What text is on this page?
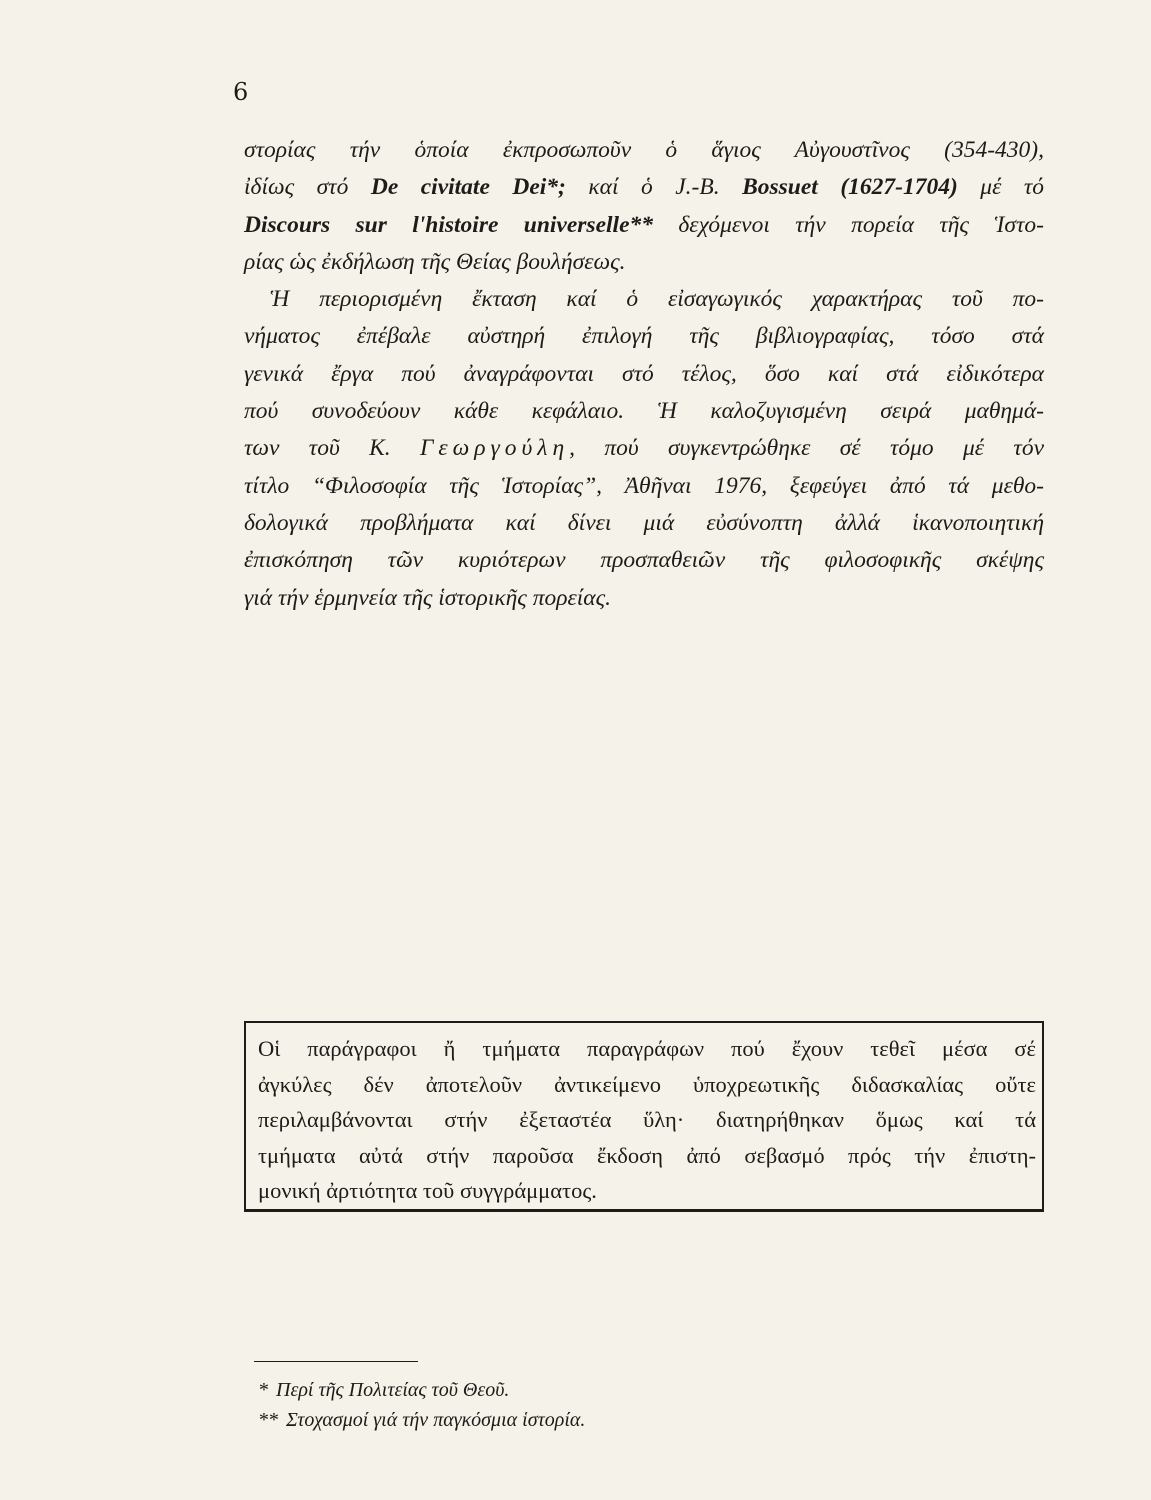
6
στορίας τήν ὁποία ἐκπροσωποῦν ὁ ἅγιος Αὐγουστῖνος (354-430),
ἰδίως στό De civitate Dei*; καί ὁ J.-B. Bossuet (1627-1704) μέ τό
Discours sur l'histoire universelle** δεχόμενοι τήν πορεία τῆς Ἱστο-
ρίας ὡς ἐκδήλωση τῆς Θείας βουλήσεως.
Ἡ περιορισμένη ἔκταση καί ὁ εἰσαγωγικός χαρακτήρας τοῦ πο-
νήματος ἐπέβαλε αὐστηρή ἐπιλογή τῆς βιβλιογραφίας, τόσο στά
γενικά ἔργα πού ἀναγράφονται στό τέλος, ὅσο καί στά εἰδικότερα
πού συνοδεύουν κάθε κεφάλαιο. Ἡ καλοζυγισμένη σειρά μαθημά-
των τοῦ Κ. Γεωργούλη, πού συγκεντρώθηκε σέ τόμο μέ τόν
τίτλο “Φιλοσοφία τῆς Ἱστορίας”, Ἀθῆναι 1976, ξεφεύγει ἀπό τά μεθο-
δολογικά προβλήματα καί δίνει μιά εὐσύνοπτη ἀλλά ἱκανοποιητική
ἐπισκόπηση τῶν κυριότερων προσπαθειῶν τῆς φιλοσοφικῆς σκέψης
γιά τήν ἑρμηνεία τῆς ἱστορικῆς πορείας.
Οἱ παράγραφοι ἤ τμήματα παραγράφων πού ἔχουν τεθεῖ μέσα σέ
ἀγκύλες δέν ἀποτελοῦν ἀντικείμενο ὑποχρεωτικῆς διδασκαλίας οὔτε
περιλαμβάνονται στήν ἐξεταστέα ὕλη· διατηρήθηκαν ὅμως καί τά
τμήματα αὐτά στήν παροῦσα ἔκδοση ἀπό σεβασμό πρός τήν ἐπιστη-
μονική ἀρτιότητα τοῦ συγγράμματος.
* Περί τῆς Πολιτείας τοῦ Θεοῦ.
** Στοχασμοί γιά τήν παγκόσμια ἱστορία.
